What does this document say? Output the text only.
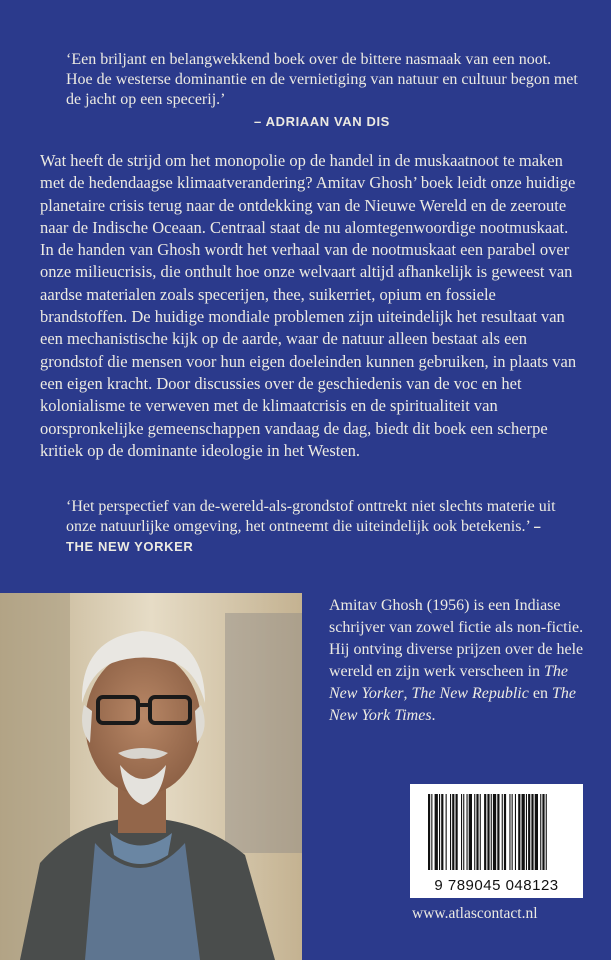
‘Een briljant en belangwekkend boek over de bittere nasmaak van een noot. Hoe de westerse dominantie en de vernietiging van natuur en cultuur begon met de jacht op een specerij.’
– ADRIAAN VAN DIS
Wat heeft de strijd om het monopolie op de handel in de muskaatnoot te maken met de hedendaagse klimaatverandering? Amitav Ghosh’ boek leidt onze huidige planetaire crisis terug naar de ontdekking van de Nieuwe Wereld en de zeeroute naar de Indische Oceaan. Centraal staat de nu alomtegenwoordige nootmuskaat. In de handen van Ghosh wordt het verhaal van de nootmuskaat een parabel over onze milieucrisis, die onthult hoe onze welvaart altijd afhankelijk is geweest van aardse materialen zoals specerijen, thee, suikerriet, opium en fossiele brandstoffen. De huidige mondiale problemen zijn uiteindelijk het resultaat van een mechanistische kijk op de aarde, waar de natuur alleen bestaat als een grondstof die mensen voor hun eigen doeleinden kunnen gebruiken, in plaats van een eigen kracht. Door discussies over de geschiedenis van de voc en het kolonialisme te verweven met de klimaatcrisis en de spiritualiteit van oorspronkelijke gemeenschappen vandaag de dag, biedt dit boek een scherpe kritiek op de dominante ideologie in het Westen.
‘Het perspectief van de-wereld-als-grondstof onttrekt niet slechts materie uit onze natuurlijke omgeving, het ontneemt die uiteindelijk ook betekenis.’ – THE NEW YORKER
Amitav Ghosh (1956) is een Indiase schrijver van zowel fictie als non-fictie. Hij ontving diverse prijzen over de hele wereld en zijn werk verscheen in The New Yorker, The New Republic en The New York Times.
9 789045 048123
www.atlascontact.nl
